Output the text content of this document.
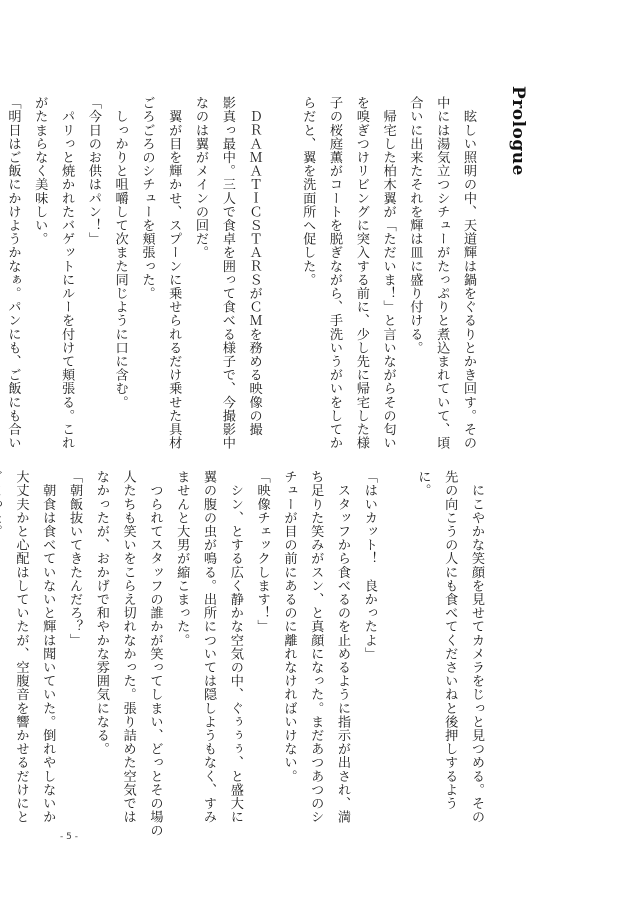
Prologue

　眩しい照明の中、天道輝は鍋をぐるりとかき回す。その

中には湯気立つシチューがたっぷりと煮込まれていて、頃

合いに出来たそれを輝は皿に盛り付ける。

　帰宅した柏木翼が「ただいま！」と言いながらその匂い

を嗅ぎつけリビングに突入する前に、少し先に帰宅した様

子の桜庭薫がコートを脱ぎながら、手洗いうがいをしてか

らだと、翼を洗面所へ促した。

　ＤＲＡＭＡＴＩＣＳＴＡＲＳがＣＭを務める映像の撮

影真っ最中。三人で食卓を囲って食べる様子で、今撮影中

なのは翼がメインの回だ。

　翼が目を輝かせ、スプーンに乗せられるだけ乗せた具材

ごろごろのシチューを頬張った。

　しっかりと咀嚼して次また同じように口に含む。

「今日のお供はパン！」

　パリっと焼かれたバゲットにルーを付けて頬張る。これ

がたまらなく美味しい。

「明日はご飯にかけようかなぁ。パンにも、ご飯にも合い

　にこやかな笑顔を見せてカメラをじっと見つめる。その

先の向こうの人にも食べてくださいねと後押しするよう

に。

「はいカット！　良かったよ」

　スタッフから食べるのを止めるように指示が出され、満

ち足りた笑みがスン、と真顔になった。まだあつあつのシ

チューが目の前にあるのに離れなければいけない。

「映像チェックします！」

　シン、とする広く静かな空気の中、ぐぅぅぅ、と盛大に

翼の腹の虫が鳴る。出所については隠しようもなく、すみ

ませんと大男が縮こまった。

　つられてスタッフの誰かが笑ってしまい、どっとその場の

人たちも笑いをこらえ切れなかった。張り詰めた空気では

なかったが、おかげで和やかな雰囲気になる。

「朝飯抜いてきたんだろ？」

　朝食は食べていないと輝は聞いていた。倒れやしないか

大丈夫かと心配はしていたが、空腹音を響かせるだけにと

- 5 -
